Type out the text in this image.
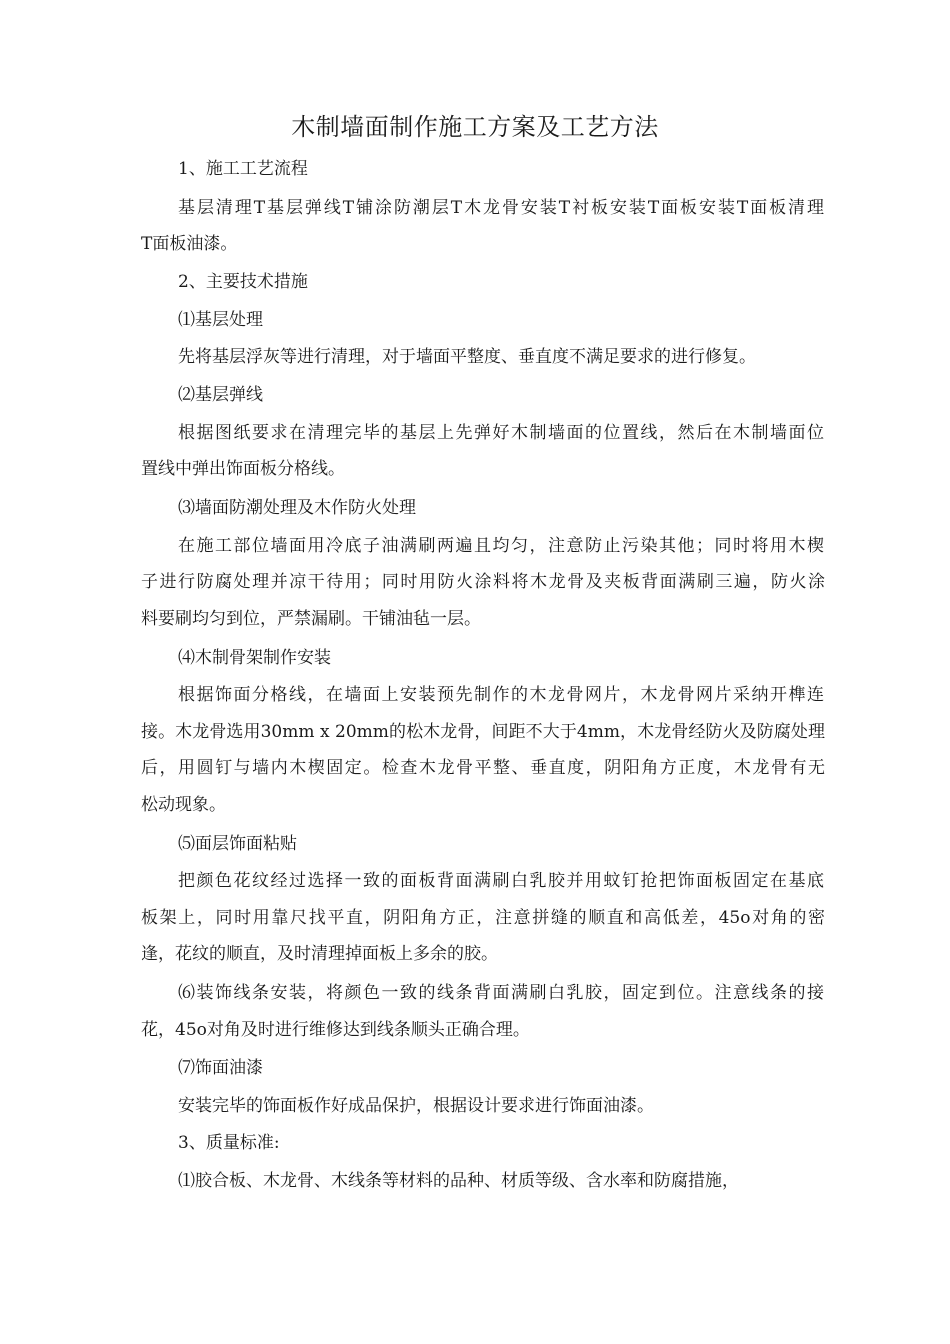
木制墙面制作施工方案及工艺方法
1、施工工艺流程
基层清理T基层弹线T铺涂防潮层T木龙骨安装T衬板安装T面板安装T面板清理
T面板油漆。
2、主要技术措施
⑴基层处理
先将基层浮灰等进行清理，对于墙面平整度、垂直度不满足要求的进行修复。
⑵基层弹线
根据图纸要求在清理完毕的基层上先弹好木制墙面的位置线，然后在木制墙面位
置线中弹出饰面板分格线。
⑶墙面防潮处理及木作防火处理
在施工部位墙面用冷底子油满刷两遍且均匀，注意防止污染其他；同时将用木楔
子进行防腐处理并凉干待用；同时用防火涂料将木龙骨及夹板背面满刷三遍，防火涂
料要刷均匀到位，严禁漏刷。干铺油毡一层。
⑷木制骨架制作安装
根据饰面分格线，在墙面上安装预先制作的木龙骨网片，木龙骨网片采纳开榫连
接。木龙骨选用30mm x 20mm的松木龙骨，间距不大于4mm，木龙骨经防火及防腐处理
后，用圆钉与墙内木楔固定。检查木龙骨平整、垂直度，阴阳角方正度，木龙骨有无
松动现象。
⑸面层饰面粘贴
把颜色花纹经过选择一致的面板背面满刷白乳胶并用蚊钉抢把饰面板固定在基底
板架上，同时用靠尺找平直，阴阳角方正，注意拼缝的顺直和高低差，45o对角的密
逢，花纹的顺直，及时清理掉面板上多余的胶。
⑹装饰线条安装，将颜色一致的线条背面满刷白乳胶，固定到位。注意线条的接
花，45o对角及时进行维修达到线条顺头正确合理。
⑺饰面油漆
安装完毕的饰面板作好成品保护，根据设计要求进行饰面油漆。
3、质量标准:
⑴胶合板、木龙骨、木线条等材料的品种、材质等级、含水率和防腐措施，
